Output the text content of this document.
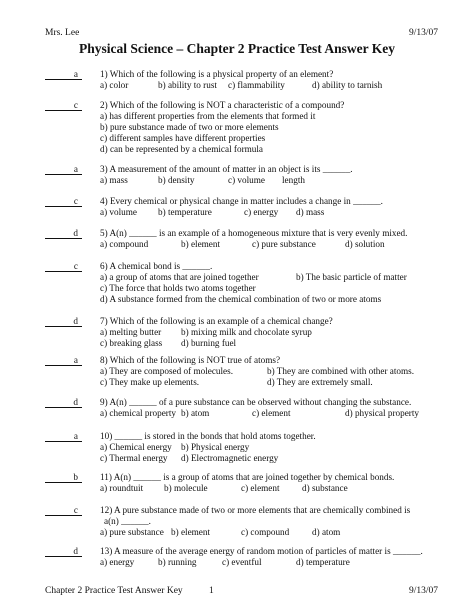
Mrs. Lee	9/13/07
Physical Science – Chapter 2 Practice Test Answer Key
a 1) Which of the following is a physical property of an element?
a) color	b) ability to rust c) flammability	d) ability to tarnish
c 2) Which of the following is NOT a characteristic of a compound?
a) has different properties from the elements that formed it
b) pure substance made of two or more elements
c) different samples have different properties
d) can be represented by a chemical formula
a 3) A measurement of the amount of matter in an object is its ______.
a) mass	b) density	c) volume length
c 4) Every chemical or physical change in matter includes a change in ______.
a) volume b) temperature	c) energy d) mass
d 5) A(n) ______ is an example of a homogeneous mixture that is very evenly mixed.
a) compound	b) element	c) pure substance	d) solution
c 6) A chemical bond is ______.
a) a group of atoms that are joined together	b) The basic particle of matter
c) The force that holds two atoms together
d) A substance formed from the chemical combination of two or more atoms
d 7) Which of the following is an example of a chemical change?
a) melting butter b) mixing milk and chocolate syrup
c) breaking glass d) burning fuel
a 8) Which of the following is NOT true of atoms?
a) They are composed of molecules.	b) They are combined with other atoms.
c) They make up elements.	d) They are extremely small.
d 9) A(n) ______ of a pure substance can be observed without changing the substance.
a) chemical property b) atom	c) element	d) physical property
a 10) ______ is stored in the bonds that hold atoms together.
a) Chemical energy b) Physical energy
c) Thermal energy d) Electromagnetic energy
b 11) A(n) ______ is a group of atoms that are joined together by chemical bonds.
a) roundtuit b) molecule	c) element d) substance
c 12) A pure substance made of two or more elements that are chemically combined is
a(n) ______.
a) pure substance b) element	c) compound d) atom
d 13) A measure of the average energy of random motion of particles of matter is ______.
a) energy	b) running	c) eventful	d) temperature
Chapter 2 Practice Test Answer Key	1	9/13/07
